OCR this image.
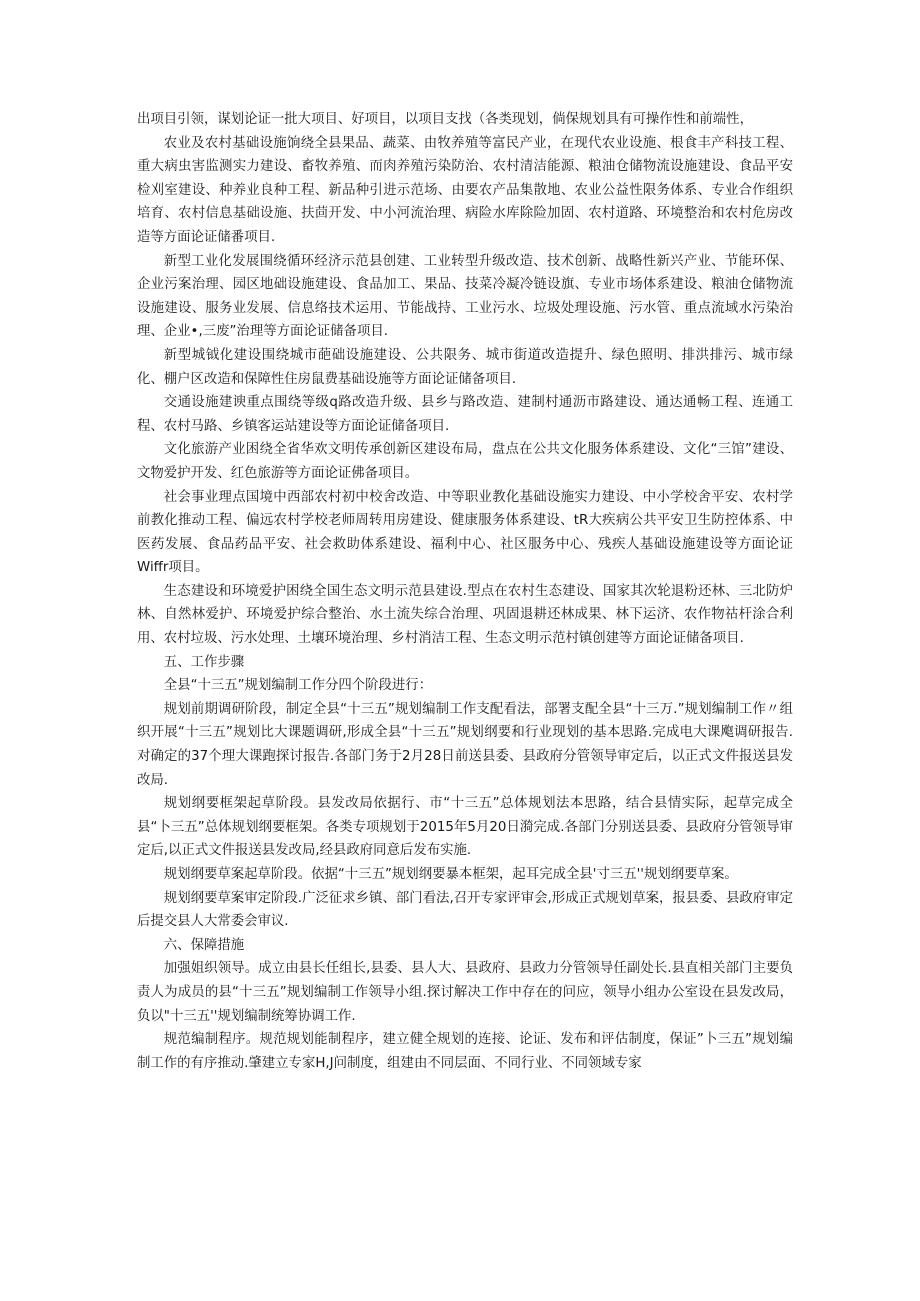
出项目引领，谋划论证一批大项目、好项目，以项目支找（各类现划，倘保规划具有可操作性和前端性，

农业及农村基础设施饷绕全县果品、蔬菜、由牧养殖等富民产业，在现代农业设施、根食丰产科技工程、重大病虫害监测实力建设、畜牧养殖、而肉养殖污染防治、农村清洁能源、粮油仓储物流设施建设、食品平安检刈室建设、种养业良种工程、新品种引进示范场、由要农产品集散地、农业公益性限务体系、专业合作组织培育、农村信息基础设施、扶茴开发、中小河流治理、病险水库除险加固、农村道路、环境整治和农村危房改造等方面论证储番项目.

新型工业化发展围绕循环经济示范县创建、工业转型升级改造、技术创新、战略性新兴产业、节能环保、企业污案治理、园区地础设施建设、食品加工、果品、技菜冷凝冷链设旗、专业市场体系建设、粮油仓储物流设施建设、服务业发展、信息络技术运用、节能战持、工业污水、垃圾处理设施、污水管、重点流域水污染治理、企业•,三废”治理等方面论证储备项目.

新型城钺化建设围绕城市葩础设施建设、公共限务、城市街道改造提升、绿色照明、排洪排污、城市绿化、棚户区改造和保障性住房鼠费基础设施等方面论证储备项目.

交通设施建谀重点围绕等级q路改造升级、县乡与路改造、建制村通沥市路建设、通达通畅工程、连通工程、农村马路、乡镇客运站建设等方面论证储备项目.

文化旅游产业困绕全省华欢文明传承创新区建设布局，盘点在公共文化服务体系建设、文化“三馆”建设、文物爱护开发、红色旅游等方面论证佛备项目。

社会事业理点国境中西部农村初中校舍改造、中等职业教化基础设施实力建设、中小学校舍平安、农村学前教化推动工程、偏远农村学校老师周转用房建设、健康服务体系建设、tR大疾病公共平安卫生防控体系、中医药发展、食品药品平安、社会救助体系建设、福利中心、社区服务中心、残疾人基础设施建设等方面论证Wiffr项目。

生态建设和环境爱护困绕全国生态文明示范县建设.型点在农村生态建设、国家其次轮退粉还林、三北防炉林、自然林爱护、环境爱护综合整治、水土流失综合治理、巩固退耕还林成果、林下运济、农作物祜杆涂合利用、农村垃圾、污水处理、土壤环境治理、乡村消洁工程、生态文明示范村镇创建等方面论证储备项目.

五、工作步骤

全县“十三五”规划编制工作分四个阶段进行：

规划前期调研阶段，制定全县“十三五”规划编制工作支配看法，部署支配全县“十三万.”规划编制工作〃组织开展“十三五”规划比大课题调研,形成全县“十三五”规划纲要和行业现划的基本思路.完成电大课飑调研报告.对确定的37个理大课跑探讨报告.各部门务于2月28日前送县委、县政府分管领导审定后，以正式文件报送县发改局.

规划纲要框架起草阶段。县发改局依据行、市“十三五”总体规划法本思路，结合县情实际，起草完成全县“卜三五”总体规划纲要框架。各类专项规划于2015年5月20日漪完成.各部门分别送县委、县政府分管领导审定后,以正式文件报送县发改局,经县政府同意后发布实施.

规划纲要草案起草阶段。依据“十三五”规划纲要暴本框架，起耳完成全县'寸三五''规划纲要草案。

规划纲要草案审定阶段.广泛征求乡镇、部门看法,召开专家评审会,形成正式规划草案，报县委、县政府审定后提交县人大常委会审议.

六、保障措施

加强姐织领导。成立由县长任组长,县委、县人大、县政府、县政力分管领导任副处长.县直相关部门主要负责人为成员的县“十三五”规划编制工作领导小组.探讨解决工作中存在的问应，领导小组办公室设在县发改局，负以"十三五''规划编制统筹协调工作.

规范编制程序。规范规划能制程序，建立健全规划的连接、论证、发布和评估制度，保证”卜三五”规划编制工作的有序推动.肇建立专家H,J问制度，组建由不同层面、不同行业、不同领域专家
